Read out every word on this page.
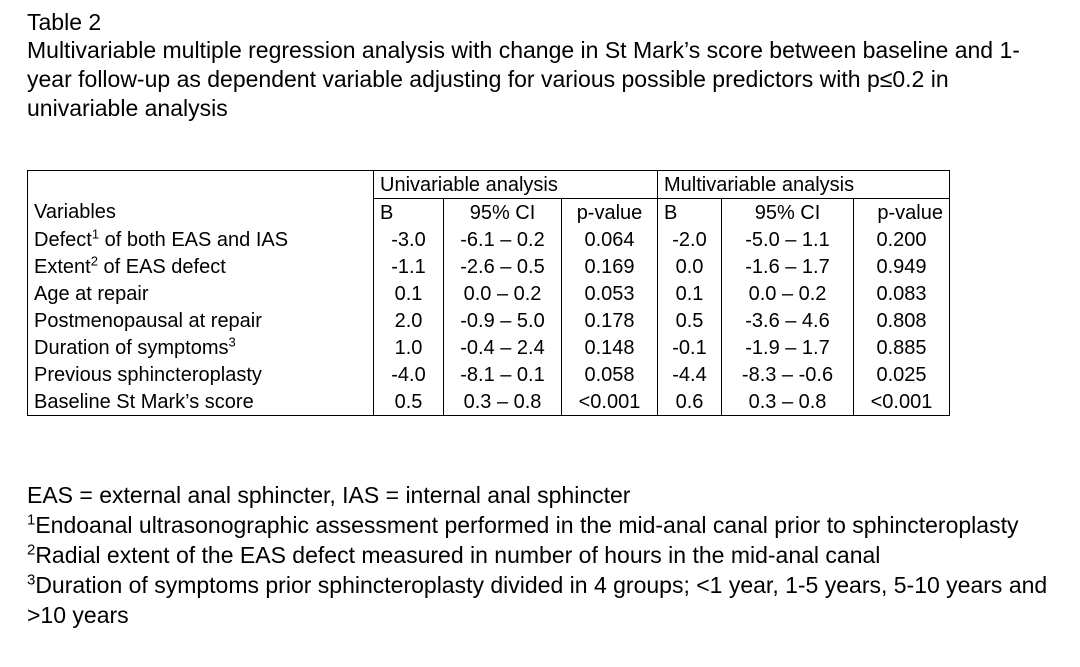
Table 2

Multivariable multiple regression analysis with change in St Mark’s score between baseline and 1-year follow-up as dependent variable adjusting for various possible predictors with p≤0.2 in univariable analysis

	Univariable analysis			Multivariable analysis		
Variables	B	95% CI	p-value	B	95% CI	p-value
Defect$^1$ of both EAS and IAS	-3.0	-6.1 – 0.2	0.064	-2.0	-5.0 – 1.1	0.200
Extent$^2$ of EAS defect	-1.1	-2.6 – 0.5	0.169	0.0	-1.6 – 1.7	0.949
Age at repair	0.1	0.0 – 0.2	0.053	0.1	0.0 – 0.2	0.083
Postmenopausal at repair	2.0	-0.9 – 5.0	0.178	0.5	-3.6 – 4.6	0.808
Duration of symptoms$^3$	1.0	-0.4 – 2.4	0.148	-0.1	-1.9 – 1.7	0.885
Previous sphincteroplasty	-4.0	-8.1 – 0.1	0.058	-4.4	-8.3 – -0.6	0.025
Baseline St Mark’s score	0.5	0.3 – 0.8	<0.001	0.6	0.3 – 0.8	<0.001

EAS = external anal sphincter, IAS = internal anal sphincter

$^1$Endoanal ultrasonographic assessment performed in the mid-anal canal prior to sphincteroplasty

$^2$Radial extent of the EAS defect measured in number of hours in the mid-anal canal

$^3$Duration of symptoms prior sphincteroplasty divided in 4 groups; <1 year, 1-5 years, 5-10 years and >10 years
